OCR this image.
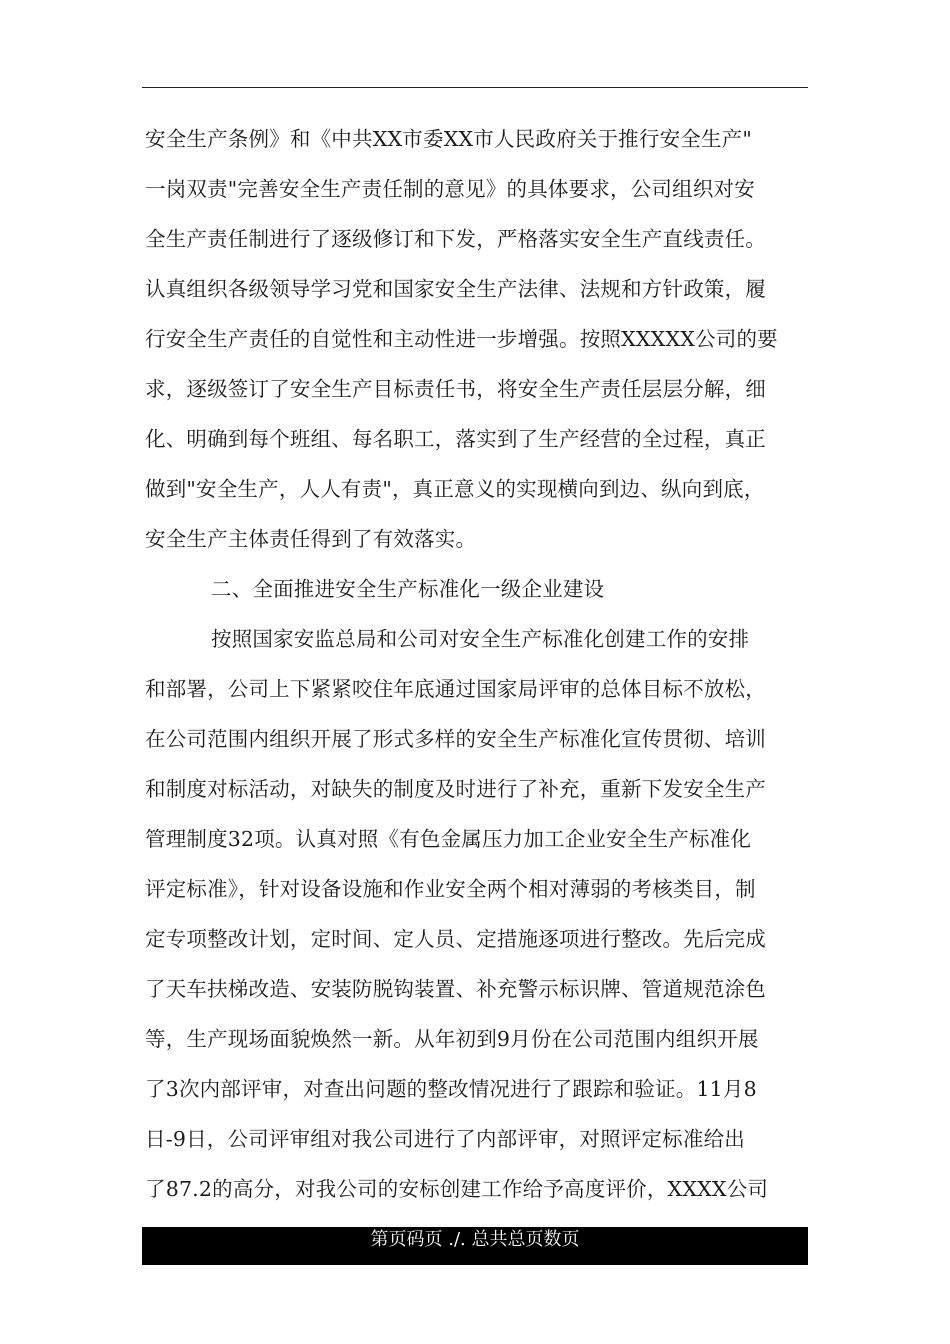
安全生产条例》和《中共XX市委XX市人民政府关于推行安全生产"
一岗双责"完善安全生产责任制的意见》的具体要求，公司组织对安
全生产责任制进行了逐级修订和下发，严格落实安全生产直线责任。
认真组织各级领导学习党和国家安全生产法律、法规和方针政策，履
行安全生产责任的自觉性和主动性进一步增强。按照XXXXX公司的要
求，逐级签订了安全生产目标责任书，将安全生产责任层层分解，细
化、明确到每个班组、每名职工，落实到了生产经营的全过程，真正
做到"安全生产，人人有责"，真正意义的实现横向到边、纵向到底，
安全生产主体责任得到了有效落实。
二、全面推进安全生产标准化一级企业建设
按照国家安监总局和公司对安全生产标准化创建工作的安排
和部署，公司上下紧紧咬住年底通过国家局评审的总体目标不放松，
在公司范围内组织开展了形式多样的安全生产标准化宣传贯彻、培训
和制度对标活动，对缺失的制度及时进行了补充，重新下发安全生产
管理制度32项。认真对照《有色金属压力加工企业安全生产标准化
评定标准》，针对设备设施和作业安全两个相对薄弱的考核类目，制
定专项整改计划，定时间、定人员、定措施逐项进行整改。先后完成
了天车扶梯改造、安装防脱钩装置、补充警示标识牌、管道规范涂色
等，生产现场面貌焕然一新。从年初到9月份在公司范围内组织开展
了3次内部评审，对查出问题的整改情况进行了跟踪和验证。11月8
日-9日，公司评审组对我公司进行了内部评审，对照评定标准给出
了87.2的高分，对我公司的安标创建工作给予高度评价，XXXX公司
第页码页 ./. 总共总页数页
